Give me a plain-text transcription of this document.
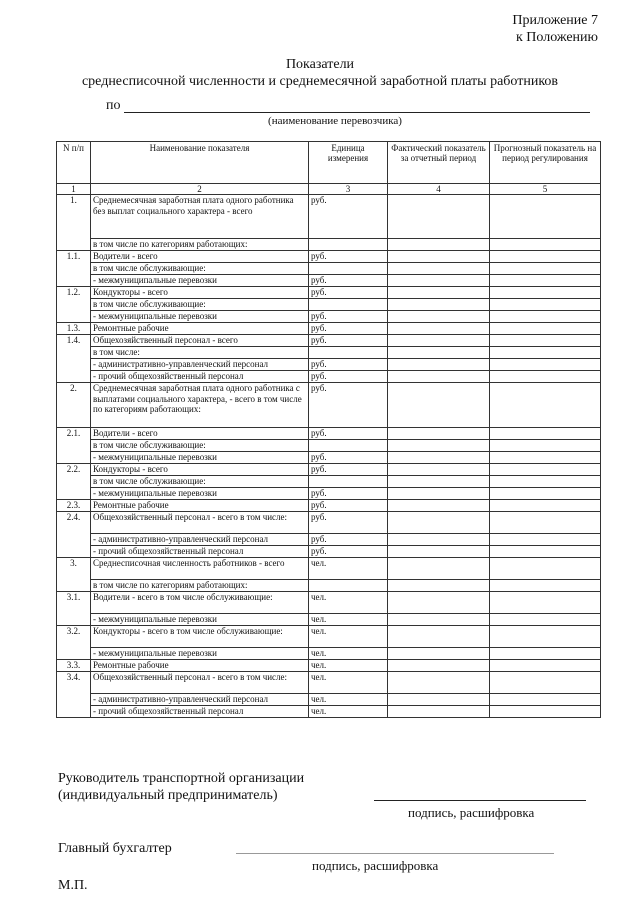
Приложение 7
к Положению
Показатели
среднесписочной численности и среднемесячной заработной платы работников
по
(наименование перевозчика)
N п/п	Наименование показателя	Единица измерения	Фактический показатель за отчетный период	Прогнозный показатель на период регулирования
1	2	3	4	5
1.	Среднемесячная заработная плата одного работника без выплат социального характера - всего	руб.		
	в том числе по категориям работающих:			
1.1.	Водители - всего	руб.		
	в том числе обслуживающие:			
	- межмуниципальные перевозки	руб.		
1.2.	Кондукторы - всего	руб.		
	в том числе обслуживающие:			
	- межмуниципальные перевозки	руб.		
1.3.	Ремонтные рабочие	руб.		
1.4.	Общехозяйственный персонал - всего	руб.		
	в том числе:			
	- административно-управленческий персонал	руб.		
	- прочий общехозяйственный персонал	руб.		
2.	Среднемесячная заработная плата одного работника с выплатами социального характера, - всего в том числе по категориям работающих:	руб.		
2.1.	Водители - всего	руб.		
	в том числе обслуживающие:			
	- межмуниципальные перевозки	руб.		
2.2.	Кондукторы - всего	руб.		
	в том числе обслуживающие:			
	- межмуниципальные перевозки	руб.		
2.3.	Ремонтные рабочие	руб.		
2.4.	Общехозяйственный персонал - всего в том числе:	руб.		
	- административно-управленческий персонал	руб.		
	- прочий общехозяйственный персонал	руб.		
3.	Среднесписочная численность работников - всего	чел.		
	в том числе по категориям работающих:			
3.1.	Водители - всего в том числе обслуживающие:	чел.		
	- межмуниципальные перевозки	чел.		
3.2.	Кондукторы - всего в том числе обслуживающие:	чел.		
	- межмуниципальные перевозки	чел.		
3.3.	Ремонтные рабочие	чел.		
3.4.	Общехозяйственный персонал - всего в том числе:	чел.		
	- административно-управленческий персонал	чел.		
	- прочий общехозяйственный персонал	чел.		
Руководитель транспортной организации
(индивидуальный предприниматель)
подпись, расшифровка
Главный бухгалтер
подпись, расшифровка
М.П.
